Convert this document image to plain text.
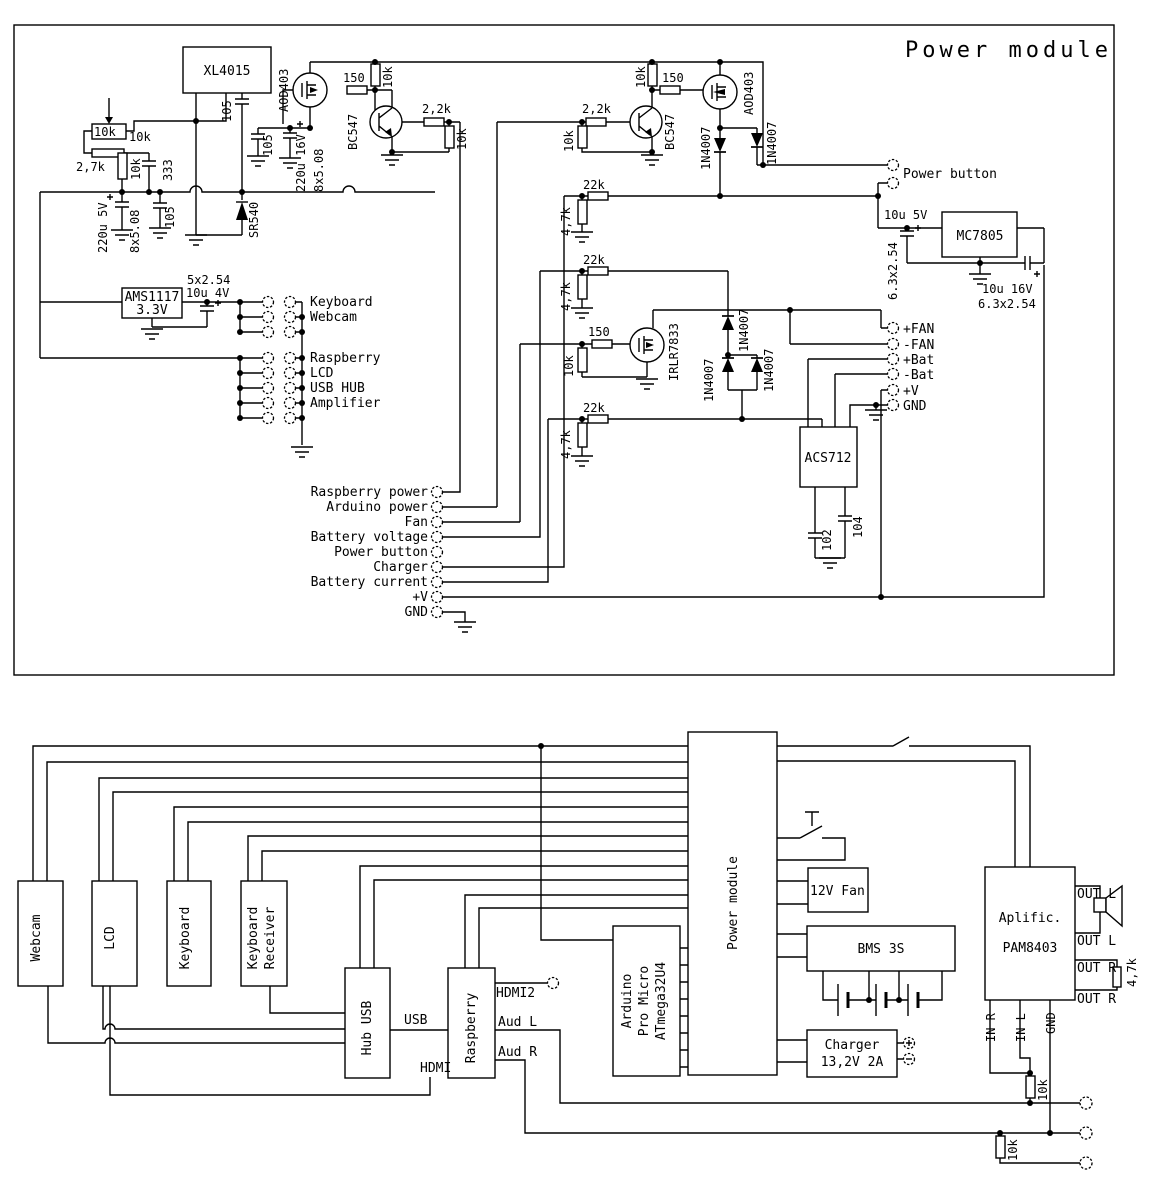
Power module
XL4015
10k 10k
2,7k 10k 333
220u 5V 8x5.08 105	SR540
105
105 220u 16V 8x5.08
AOD403	150 10k
BC547
2,2k
10k
2,2k
10k	BC547
10k 150	AOD403
1N4007	1N4007
1N4007
1N4007
1N4007
Power button
10u 5V
6.3x2.54
MC7805
10u 16V
6.3x2.54
22k
4,7k
22k
4,7k
22k
4,7k
150
10k	IRLR7833	+FAN
-FAN
+Bat
-Bat
+V
GND
ACS712
102
104
AMS1117
3.3V
5x2.54
10u 4V
Keyboard
Webcam
Raspberry
LCD
USB HUB
Amplifier
Raspberry power
Arduino power
Fan
Battery voltage
Power button
Charger
Battery current
+V
GND
Webcam	LCD	Keyboard	Keyboard Receiver
Hub USB	Raspberry	Arduino Pro Micro ATmega32U4
Power module	12V Fan
BMS 3S
Charger
13,2V 2A
Aplific.
PAM8403
USB
HDMI
HDMI2
Aud L
Aud R
OUT L
OUT L
OUT R
OUT R
4,7k
IN R IN L GND
10k
10k
